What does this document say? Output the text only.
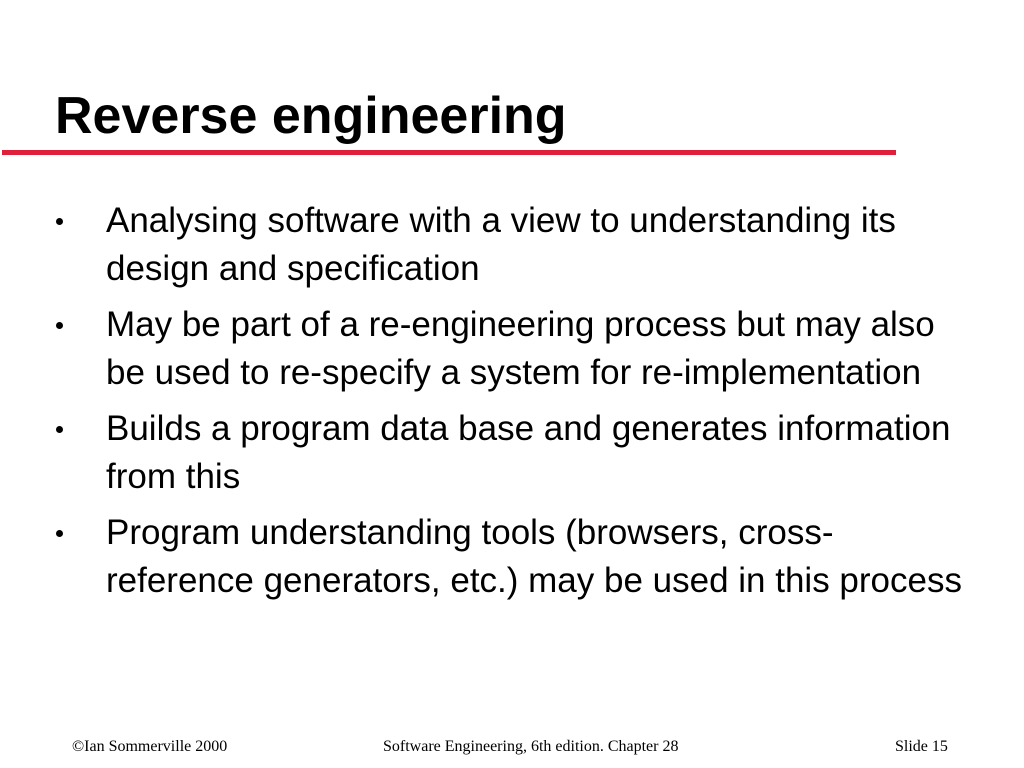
Reverse engineering
Analysing software with a view to understanding its design and specification
May be part of a re-engineering process but may also be used to re-specify a system for re-implementation
Builds a program data base and generates information from this
Program understanding tools (browsers, cross-reference generators, etc.) may be used in this process
©Ian Sommerville 2000	Software Engineering, 6th edition. Chapter 28	Slide 15
